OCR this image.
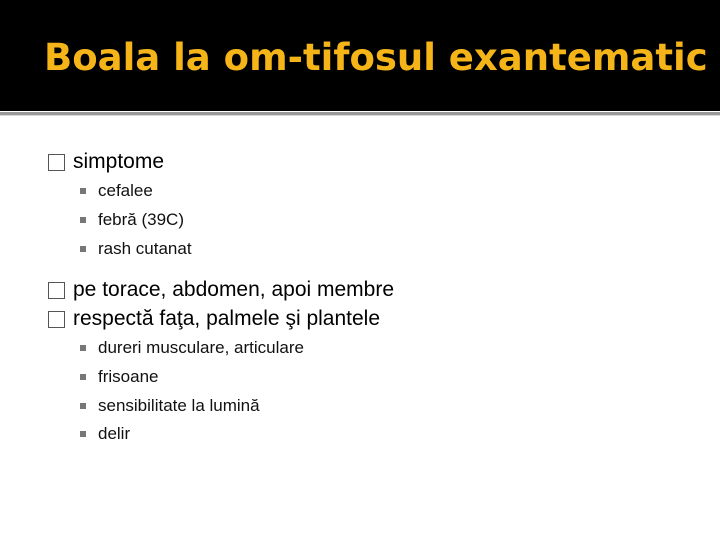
Boala la om-tifosul exantematic
simptome
cefalee
febră (39C)
rash cutanat
pe torace, abdomen, apoi membre
respectă faţa, palmele şi plantele
dureri musculare, articulare
frisoane
sensibilitate la lumină
delir
